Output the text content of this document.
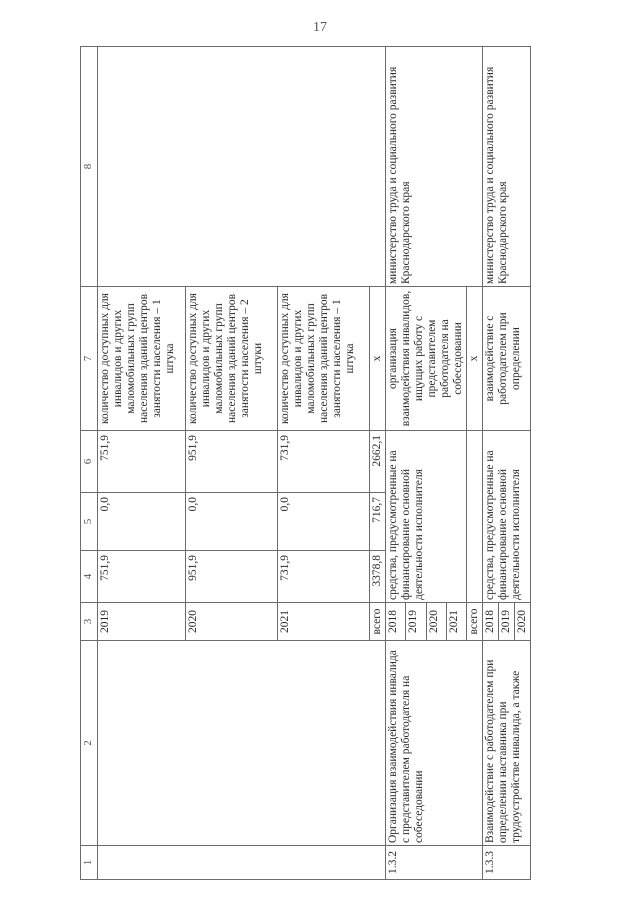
17
1	2	3	4	5	6	7	8
		2019	751,9	0,0	751,9	количество доступных для инвалидов и других маломобильных групп населения зданий центров занятости населения – 1 штука	
		2020	951,9	0,0	951,9	количество доступных для инвалидов и других маломобильных групп населения зданий центров занятости населения – 2 штуки	
		2021	731,9	0,0	731,9	количество доступных для инвалидов и других маломобильных групп населения зданий центров занятости населения – 1 штука	
		всего	3378,8	716,7	2662,1	x	
1.3.2	Организация взаимодействия инвалида с представителем работодателя на собеседовании	2018	средства, предусмотренные на финансирование основной деятельности исполнителя			организация взаимодействия инвалидов, ищущих работу с представителем работодателя на собеседовании	министерство труда и социального развития Краснодарского края
		2019					
		2020					
		2021					
		всего				x	
1.3.3	Взаимодействие с работодателем при определении наставника при трудоустройстве инвалида, а также	2018	средства, предусмотренные на финансирование основной деятельности исполнителя			взаимодействие с работодателем при определении	министерство труда и социального развития Краснодарского края
		2019					
		2020					
